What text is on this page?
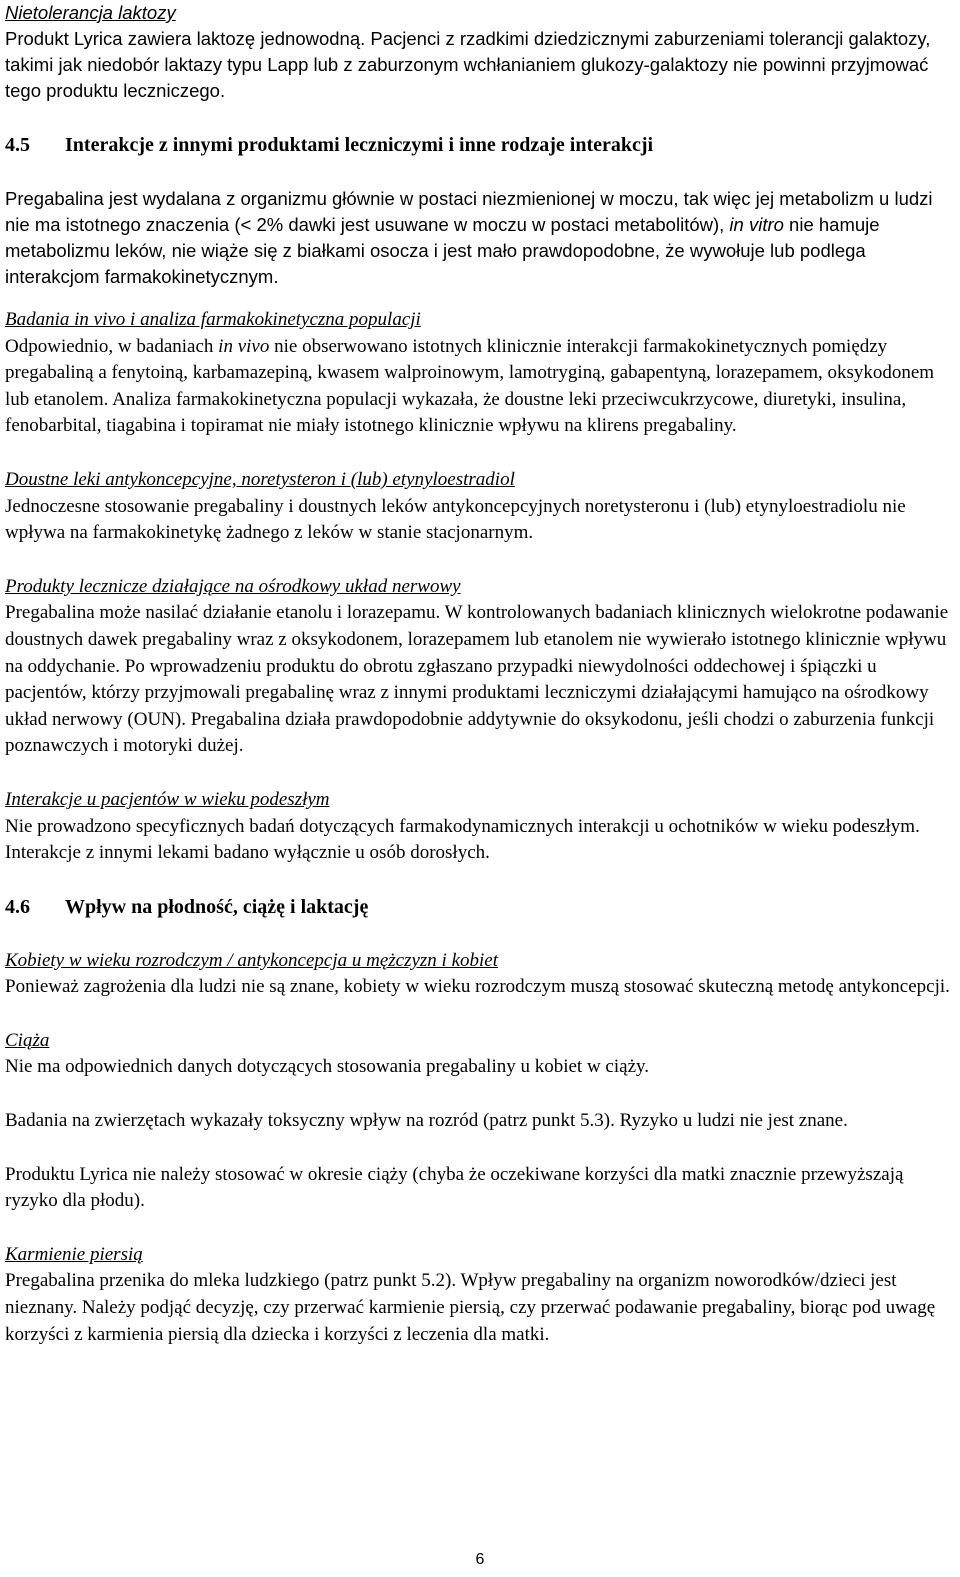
Nietolerancja laktozy

Produkt Lyrica zawiera laktozę jednowodną. Pacjenci z rzadkimi dziedzicznymi zaburzeniami tolerancji galaktozy, takimi jak niedobór laktazy typu Lapp lub z zaburzonym wchłanianiem glukozy-galaktozy nie powinni przyjmować tego produktu leczniczego.

4.5	Interakcje z innymi produktami leczniczymi i inne rodzaje interakcji

Pregabalina jest wydalana z organizmu głównie w postaci niezmienionej w moczu, tak więc jej metabolizm u ludzi nie ma istotnego znaczenia (< 2% dawki jest usuwane w moczu w postaci metabolitów), in vitro nie hamuje metabolizmu leków, nie wiąże się z białkami osocza i jest mało prawdopodobne, że wywołuje lub podlega interakcjom farmakokinetycznym.

Badania in vivo i analiza farmakokinetyczna populacji

Odpowiednio, w badaniach in vivo nie obserwowano istotnych klinicznie interakcji farmakokinetycznych pomiędzy pregabaliną a fenytoiną, karbamazepiną, kwasem walproinowym, lamotryginą, gabapentyną, lorazepamem, oksykodonem lub etanolem. Analiza farmakokinetyczna populacji wykazała, że doustne leki przeciwcukrzycowe, diuretyki, insulina, fenobarbital, tiagabina i topiramat nie miały istotnego klinicznie wpływu na klirens pregabaliny.

Doustne leki antykoncepcyjne, noretysteron i (lub) etynyloestradiol

Jednoczesne stosowanie pregabaliny i doustnych leków antykoncepcyjnych noretysteronu i (lub) etynyloestradiolu nie wpływa na farmakokinetykę żadnego z leków w stanie stacjonarnym.

Produkty lecznicze działające na ośrodkowy układ nerwowy

Pregabalina może nasilać działanie etanolu i lorazepamu. W kontrolowanych badaniach klinicznych wielokrotne podawanie doustnych dawek pregabaliny wraz z oksykodonem, lorazepamem lub etanolem nie wywierało istotnego klinicznie wpływu na oddychanie. Po wprowadzeniu produktu do obrotu zgłaszano przypadki niewydolności oddechowej i śpiączki u pacjentów, którzy przyjmowali pregabalinę wraz z innymi produktami leczniczymi działającymi hamująco na ośrodkowy układ nerwowy (OUN). Pregabalina działa prawdopodobnie addytywnie do oksykodonu, jeśli chodzi o zaburzenia funkcji poznawczych i motoryki dużej.

Interakcje u pacjentów w wieku podeszłym

Nie prowadzono specyficznych badań dotyczących farmakodynamicznych interakcji u ochotników w wieku podeszłym. Interakcje z innymi lekami badano wyłącznie u osób dorosłych.

4.6	Wpływ na płodność, ciążę i laktację

Kobiety w wieku rozrodczym / antykoncepcja u mężczyzn i kobiet

Ponieważ zagrożenia dla ludzi nie są znane, kobiety w wieku rozrodczym muszą stosować skuteczną metodę antykoncepcji.

Ciąża

Nie ma odpowiednich danych dotyczących stosowania pregabaliny u kobiet w ciąży.

Badania na zwierzętach wykazały toksyczny wpływ na rozród (patrz punkt 5.3). Ryzyko u ludzi nie jest znane.

Produktu Lyrica nie należy stosować w okresie ciąży (chyba że oczekiwane korzyści dla matki znacznie przewyższają ryzyko dla płodu).

Karmienie piersią

Pregabalina przenika do mleka ludzkiego (patrz punkt 5.2). Wpływ pregabaliny na organizm noworodków/dzieci jest nieznany. Należy podjąć decyzję, czy przerwać karmienie piersią, czy przerwać podawanie pregabaliny, biorąc pod uwagę korzyści z karmienia piersią dla dziecka i korzyści z leczenia dla matki.

6
